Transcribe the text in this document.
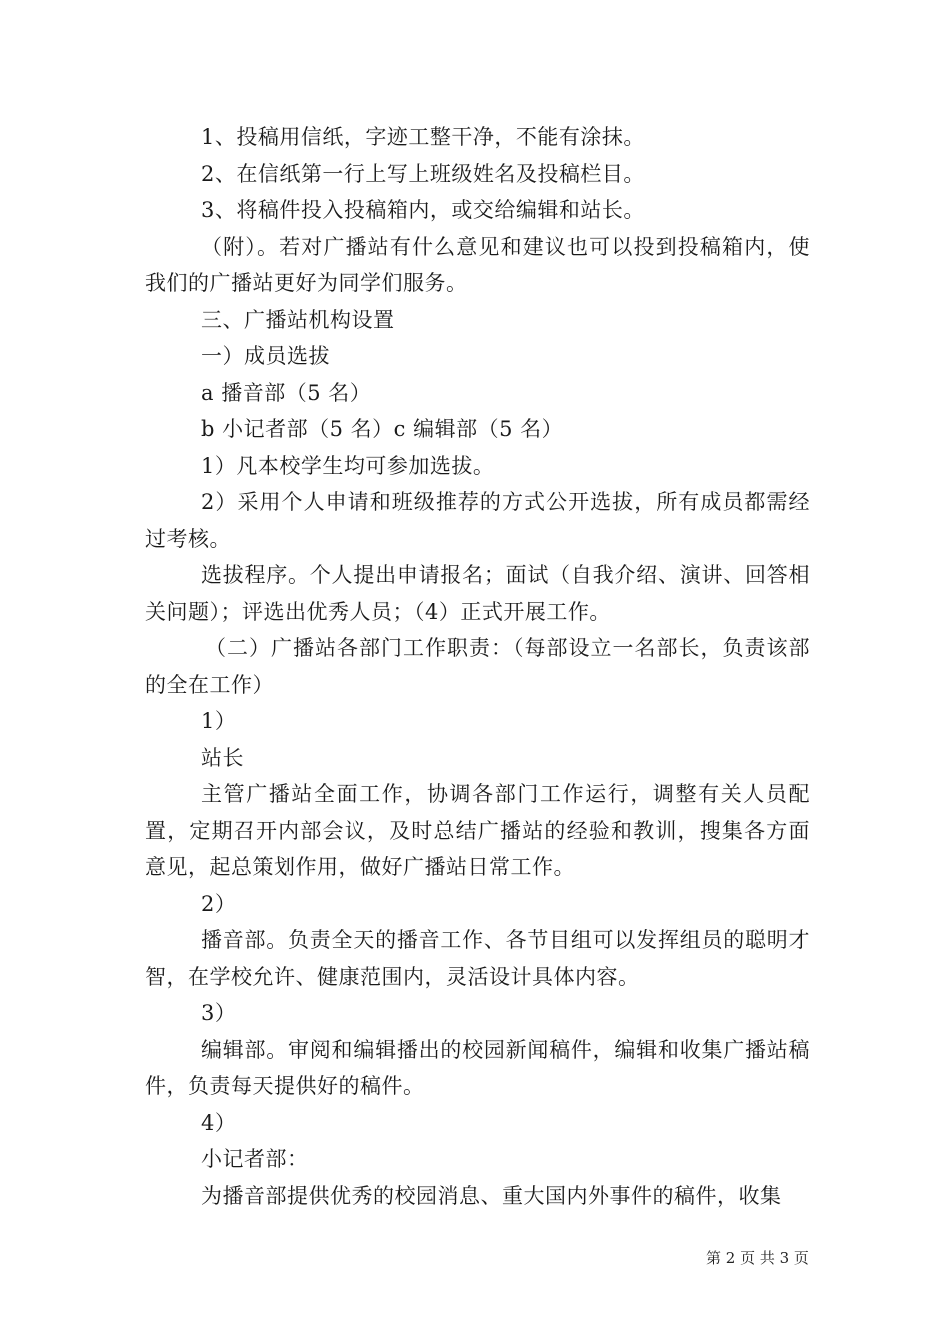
1、投稿用信纸，字迹工整干净，不能有涂抹。

2、在信纸第一行上写上班级姓名及投稿栏目。

3、将稿件投入投稿箱内，或交给编辑和站长。

（附）。若对广播站有什么意见和建议也可以投到投稿箱内，使我们的广播站更好为同学们服务。

三、广播站机构设置

一）成员选拔

a 播音部（5 名）

b 小记者部（5 名）c 编辑部（5 名）

1）凡本校学生均可参加选拔。

2）采用个人申请和班级推荐的方式公开选拔，所有成员都需经过考核。

选拔程序。个人提出申请报名；面试（自我介绍、演讲、回答相关问题）；评选出优秀人员；（4）正式开展工作。

（二）广播站各部门工作职责：（每部设立一名部长，负责该部的全在工作）

1）

站长

主管广播站全面工作，协调各部门工作运行，调整有关人员配置，定期召开内部会议，及时总结广播站的经验和教训，搜集各方面意见，起总策划作用，做好广播站日常工作。

2）

播音部。负责全天的播音工作、各节目组可以发挥组员的聪明才智，在学校允许、健康范围内，灵活设计具体内容。

3）

编辑部。审阅和编辑播出的校园新闻稿件，编辑和收集广播站稿件，负责每天提供好的稿件。

4）

小记者部：

为播音部提供优秀的校园消息、重大国内外事件的稿件，收集

第 2 页 共 3 页
